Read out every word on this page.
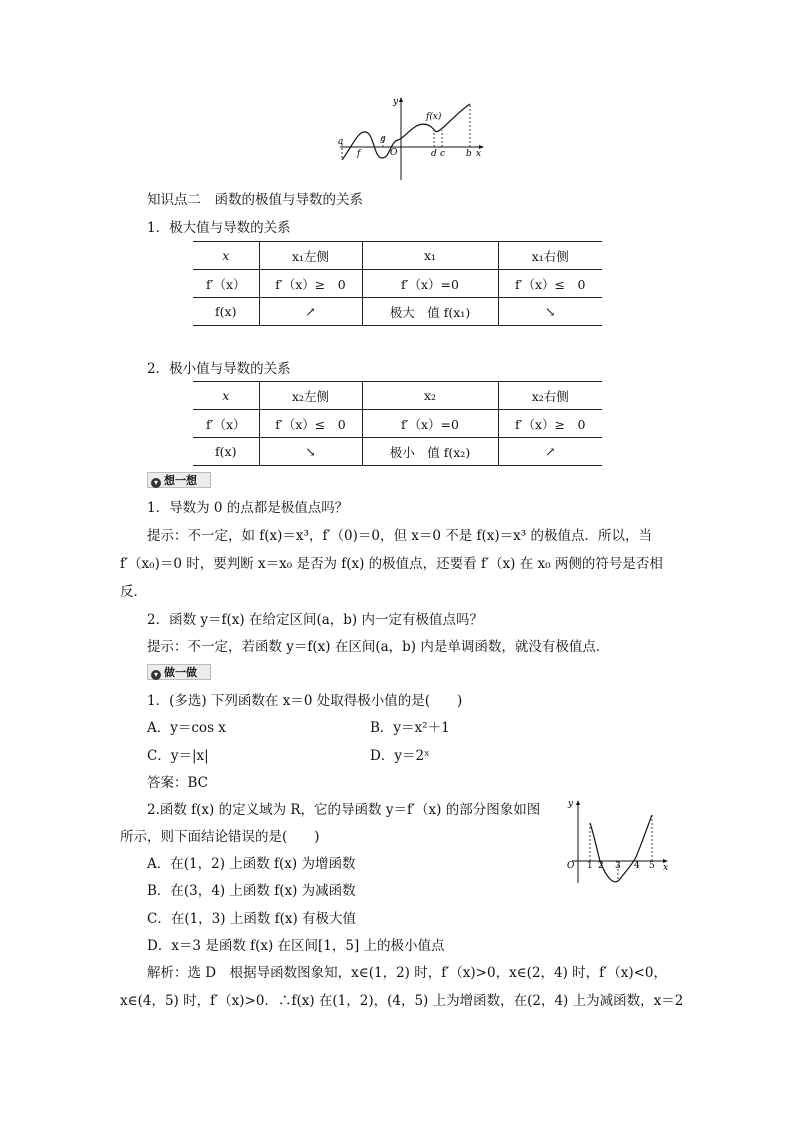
a
f
g
O
f(x)
d c b x
y
知识点二　函数的极值与导数的关系
1．极大值与导数的关系
x	x₁左侧	x₁	x₁右侧
f′（x）	f′（x）≥　0	f′（x）=0	f′（x）≤　0
f(x)	↗	极大　值 f(x₁)	↘
2．极小值与导数的关系
x	x₂左侧	x₂	x₂右侧
f′（x）	f′（x）≤　0	f′（x）=0	f′（x）≥　0
f(x)	↘	极小　值 f(x₂)	↗
▾ 想一想
1．导数为 0 的点都是极值点吗？
提示：不一定，如 f(x)＝x³，f′（0)＝0，但 x＝0 不是 f(x)＝x³ 的极值点．所以，当
f′（x₀)＝0 时，要判断 x＝x₀ 是否为 f(x) 的极值点，还要看 f′（x) 在 x₀ 两侧的符号是否相
反．
2．函数 y＝f(x) 在给定区间(a，b) 内一定有极值点吗？
提示：不一定，若函数 y＝f(x) 在区间(a，b) 内是单调函数，就没有极值点．
▾ 做一做
1．(多选) 下列函数在 x＝0 处取得极小值的是(　　)
A．y＝cos x	B．y＝x²＋1
C．y＝|x|	D．y＝2ˣ
答案：BC
2.函数 f(x) 的定义域为 R，它的导函数 y＝f′（x) 的部分图象如图
所示，则下面结论错误的是(　　)
A．在(1，2) 上函数 f(x) 为增函数
B．在(3，4) 上函数 f(x) 为减函数
C．在(1，3) 上函数 f(x) 有极大值
D．x＝3 是函数 f(x) 在区间[1，5] 上的极小值点
y
O 1 2 3 4 5 x
解析：选 D　根据导函数图象知，x∈(1，2) 时，f′（x)>0，x∈(2，4) 时，f′（x)<0，
x∈(4，5) 时，f′（x)>0．∴f(x) 在(1，2)，(4，5) 上为增函数，在(2，4) 上为减函数，x＝2
